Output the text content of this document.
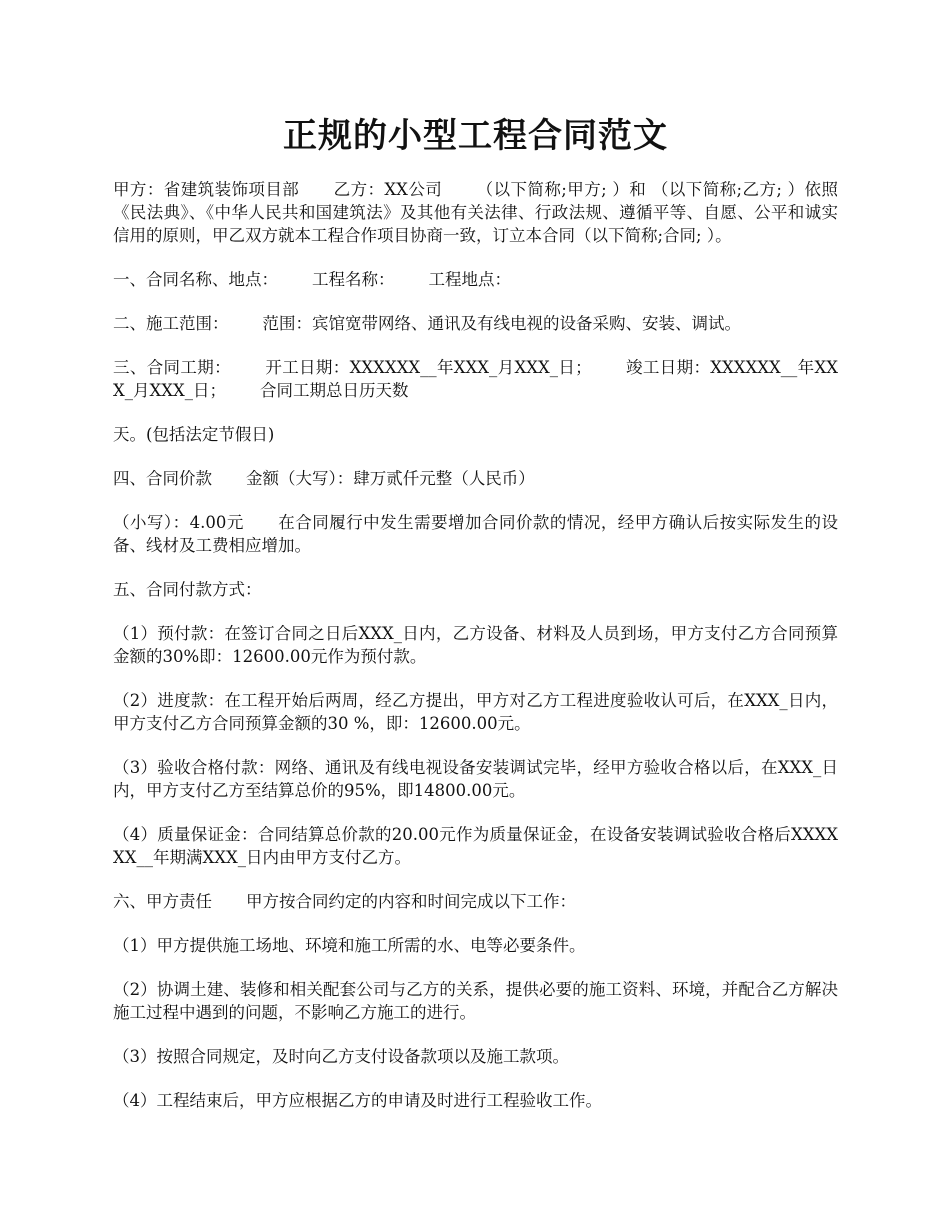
正规的小型工程合同范文

甲方：省建筑装饰项目部 乙方：XX公司 （以下简称;甲方; ）和 （以下简称;乙方; ）依照《民法典》、《中华人民共和国建筑法》及其他有关法律、行政法规、遵循平等、自愿、公平和诚实信用的原则，甲乙双方就本工程合作项目协商一致，订立本合同（以下简称;合同; ）。

一、合同名称、地点： 工程名称： 工程地点：

二、施工范围： 范围：宾馆宽带网络、通讯及有线电视的设备采购、安装、调试。

三、合同工期： 开工日期：XXXXXX__年XXX_月XXX_日； 竣工日期：XXXXXX__年XXX_月XXX_日； 合同工期总日历天数

天。(包括法定节假日)

四、合同价款 金额（大写）：肆万贰仟元整（人民币）

（小写）：4.00元 在合同履行中发生需要增加合同价款的情况，经甲方确认后按实际发生的设备、线材及工费相应增加。

五、合同付款方式：

（1）预付款：在签订合同之日后XXX_日内，乙方设备、材料及人员到场，甲方支付乙方合同预算金额的30%即：12600.00元作为预付款。

（2）进度款：在工程开始后两周，经乙方提出，甲方对乙方工程进度验收认可后，在XXX_日内，甲方支付乙方合同预算金额的30 %，即：12600.00元。

（3）验收合格付款：网络、通讯及有线电视设备安装调试完毕，经甲方验收合格以后，在XXX_日内，甲方支付乙方至结算总价的95%，即14800.00元。

（4）质量保证金：合同结算总价款的20.00元作为质量保证金，在设备安装调试验收合格后XXXXXX__年期满XXX_日内由甲方支付乙方。

六、甲方责任 甲方按合同约定的内容和时间完成以下工作：

（1）甲方提供施工场地、环境和施工所需的水、电等必要条件。

（2）协调土建、装修和相关配套公司与乙方的关系，提供必要的施工资料、环境，并配合乙方解决施工过程中遇到的问题，不影响乙方施工的进行。

（3）按照合同规定，及时向乙方支付设备款项以及施工款项。

（4）工程结束后，甲方应根据乙方的申请及时进行工程验收工作。
